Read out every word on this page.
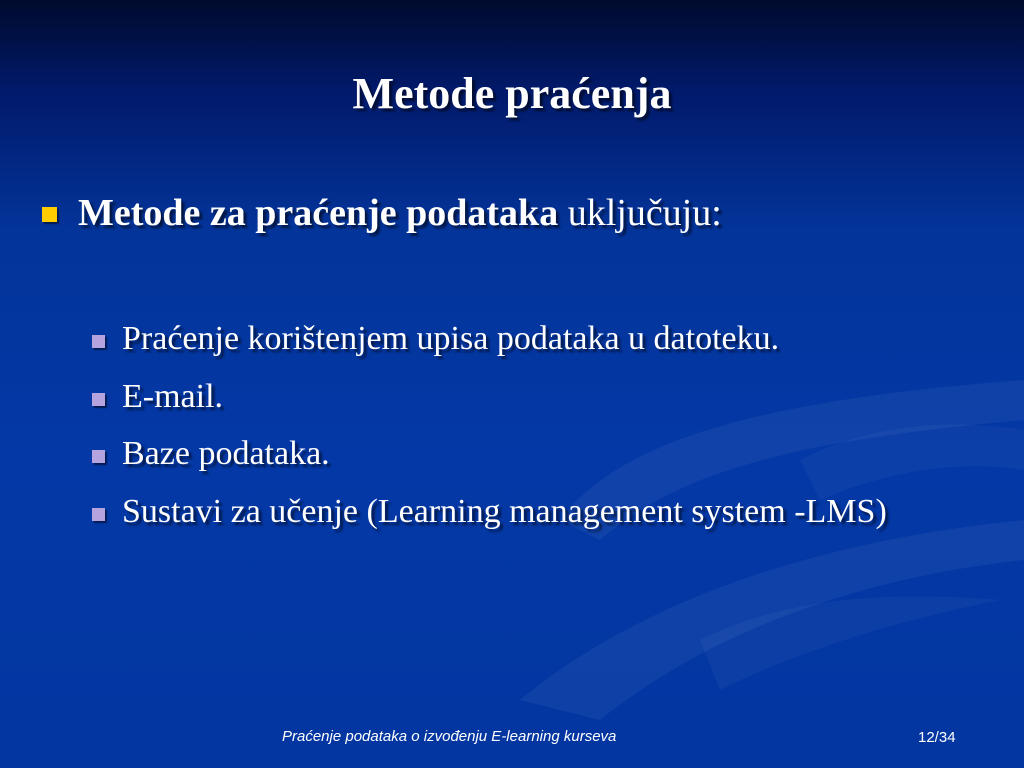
Metode praćenja
Metode za praćenje podataka uključuju:
Praćenje korištenjem upisa podataka u datoteku.
E-mail.
Baze podataka.
Sustavi za učenje (Learning management system -LMS)
Praćenje podataka o izvođenju E-learning kurseva	12/34
